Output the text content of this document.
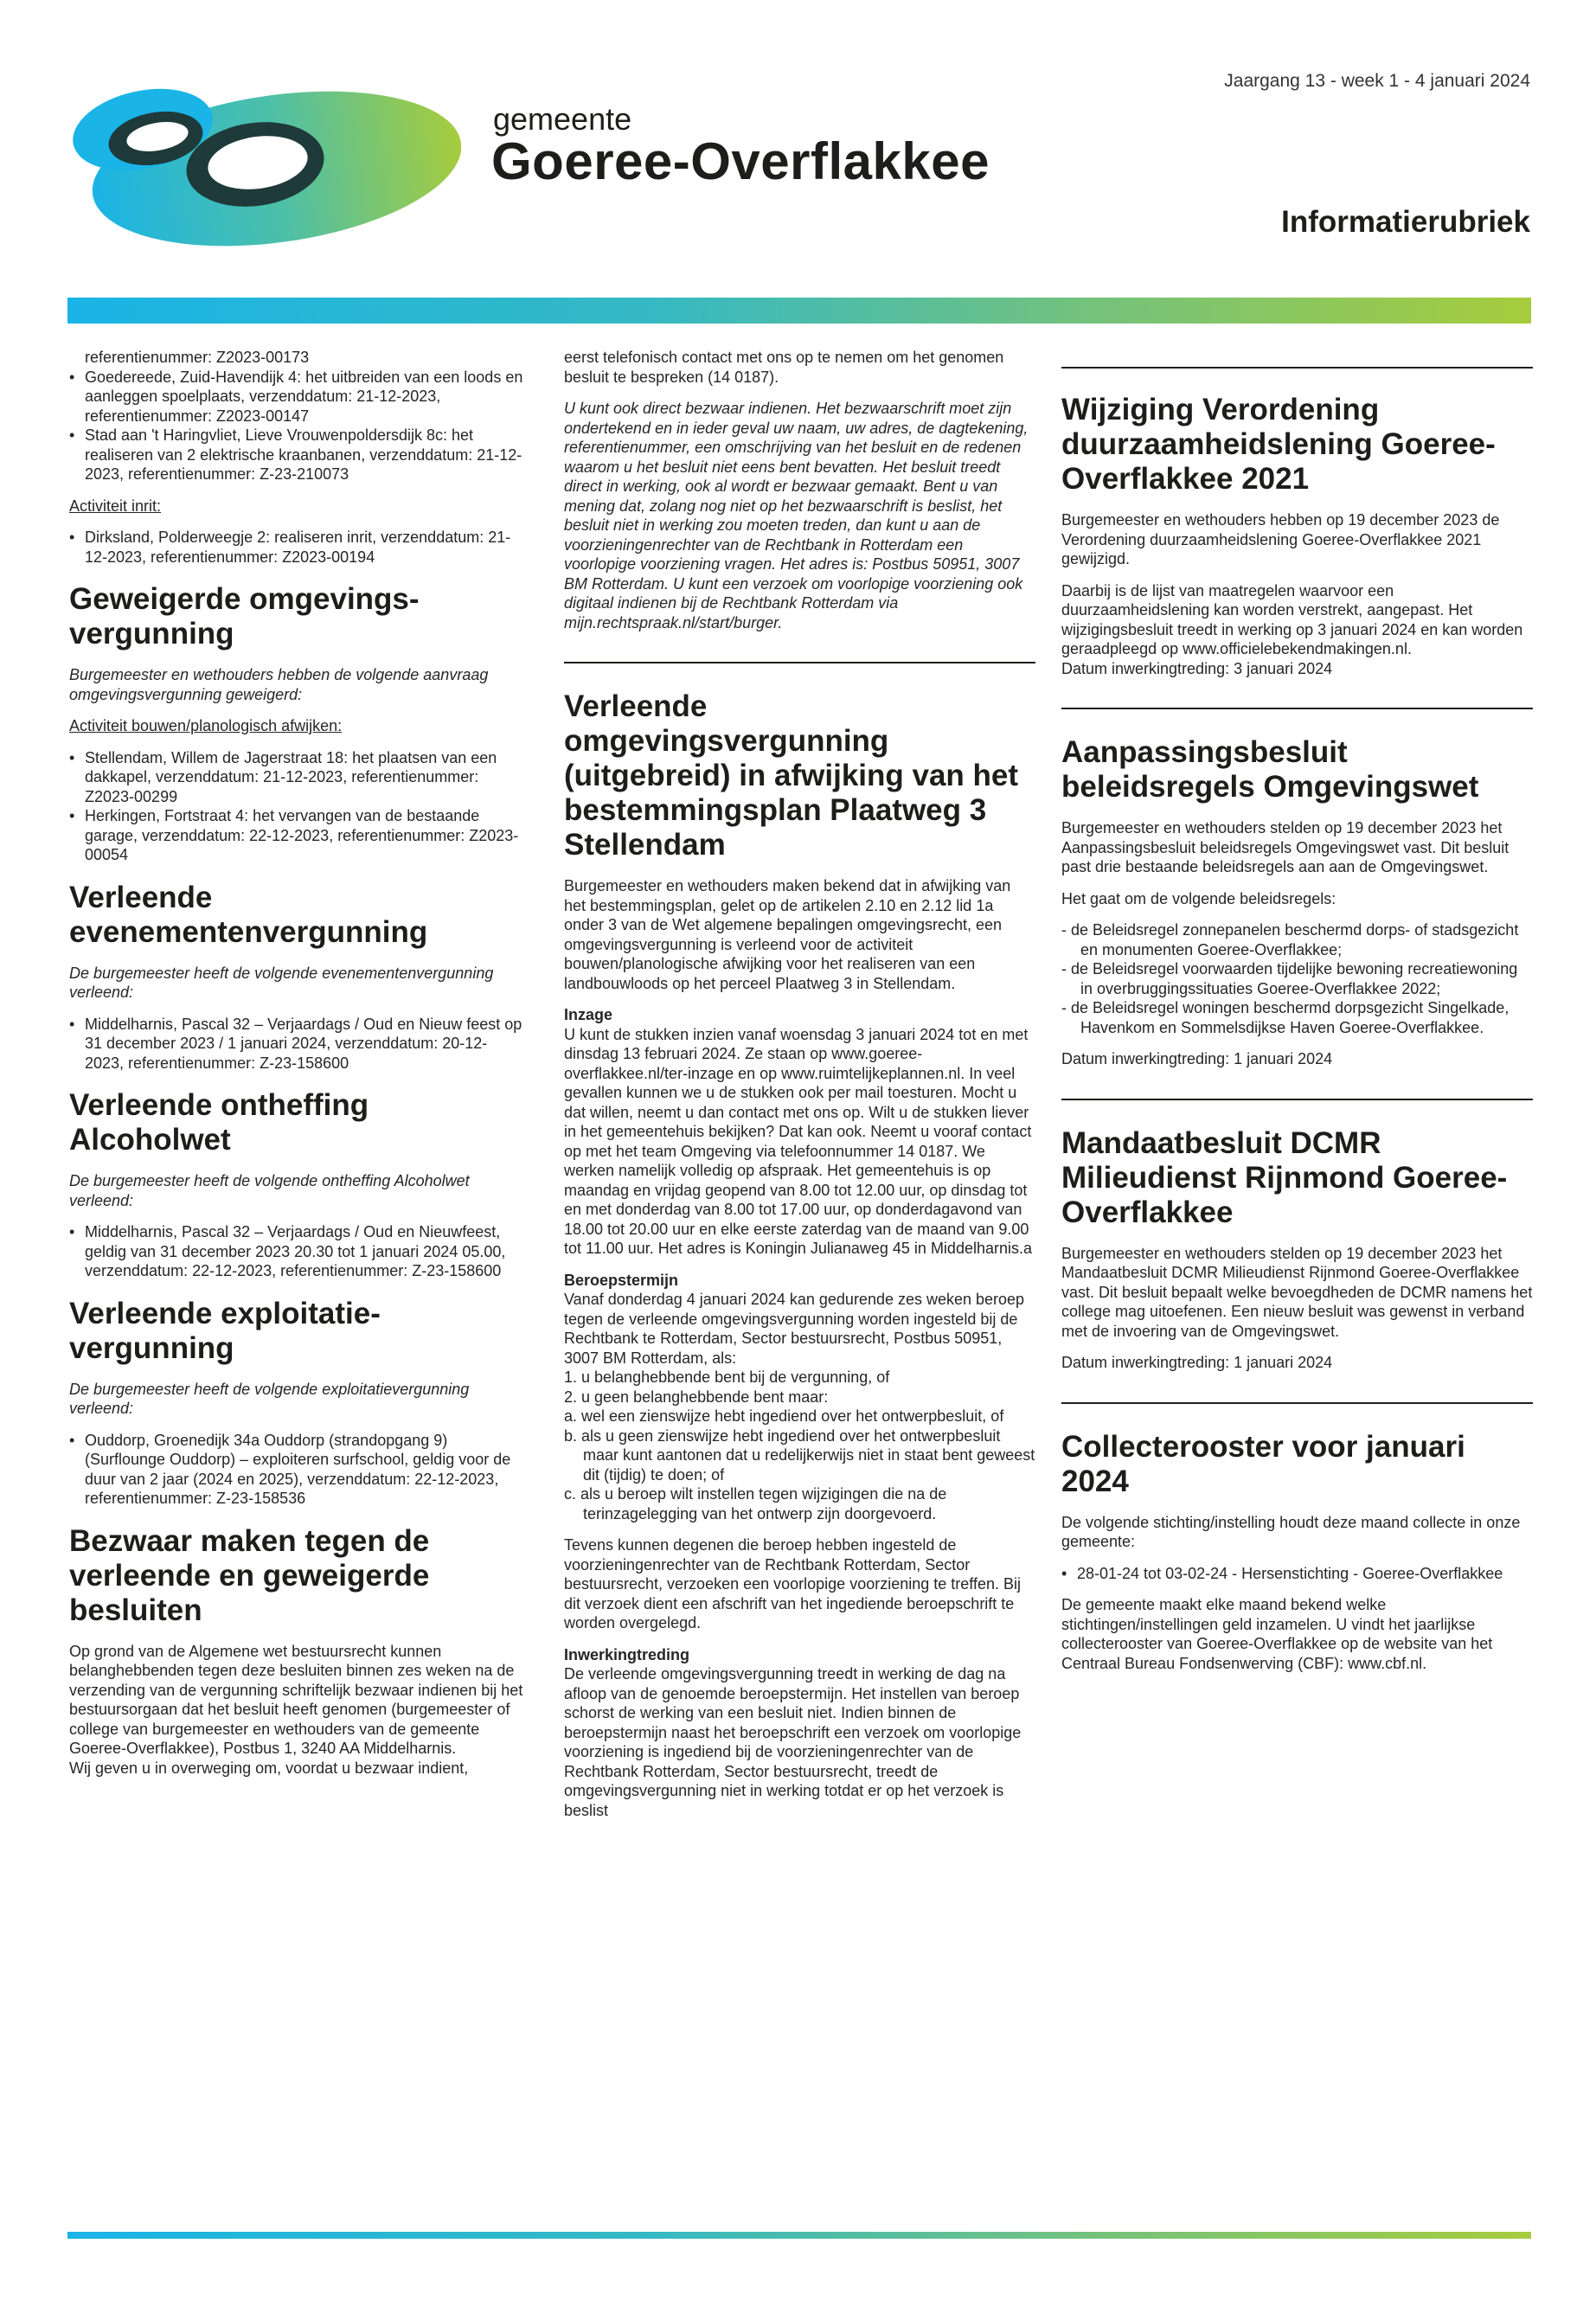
Jaargang 13 - week 1 - 4 januari 2024
gemeente
Goeree-Overflakkee
Informatierubriek
referentienummer: Z2023-00173
• Goedereede, Zuid-Havendijk 4: het uitbreiden van een loods en aanleggen spoelplaats, verzenddatum: 21-12-2023, referentienummer: Z2023-00147
• Stad aan 't Haringvliet, Lieve Vrouwenpoldersdijk 8c: het realiseren van 2 elektrische kraanbanen, verzenddatum: 21-12-2023, referentienummer: Z-23-210073

Activiteit inrit:

• Dirksland, Polderweegje 2: realiseren inrit, verzenddatum: 21-12-2023, referentienummer: Z2023-00194
Geweigerde omgevings-vergunning

Burgemeester en wethouders hebben de volgende aanvraag omgevingsvergunning geweigerd:

Activiteit bouwen/planologisch afwijken:

• Stellendam, Willem de Jagerstraat 18: het plaatsen van een dakkapel, verzenddatum: 21-12-2023, referentienummer: Z2023-00299
• Herkingen, Fortstraat 4: het vervangen van de bestaande garage, verzenddatum: 22-12-2023, referentienummer: Z2023-00054
Verleende evenementenvergunning

De burgemeester heeft de volgende evenementenvergunning verleend:

• Middelharnis, Pascal 32 – Verjaardags / Oud en Nieuw feest op 31 december 2023 / 1 januari 2024, verzenddatum: 20-12-2023, referentienummer: Z-23-158600
Verleende ontheffing Alcoholwet

De burgemeester heeft de volgende ontheffing Alcoholwet verleend:

• Middelharnis, Pascal 32 – Verjaardags / Oud en Nieuwfeest, geldig van 31 december 2023 20.30 tot 1 januari 2024 05.00, verzenddatum: 22-12-2023, referentienummer: Z-23-158600
Verleende exploitatie-vergunning

De burgemeester heeft de volgende exploitatievergunning verleend:

• Ouddorp, Groenedijk 34a Ouddorp (strandopgang 9) (Surflounge Ouddorp) – exploiteren surfschool, geldig voor de duur van 2 jaar (2024 en 2025), verzenddatum: 22-12-2023, referentienummer: Z-23-158536
Bezwaar maken tegen de verleende en geweigerde besluiten

Op grond van de Algemene wet bestuursrecht kunnen belanghebbenden tegen deze besluiten binnen zes weken na de verzending van de vergunning schriftelijk bezwaar indienen bij het bestuursorgaan dat het besluit heeft genomen (burgemeester of college van burgemeester en wethouders van de gemeente Goeree-Overflakkee), Postbus 1, 3240 AA Middelharnis.

Wij geven u in overweging om, voordat u bezwaar indient,

eerst telefonisch contact met ons op te nemen om het genomen besluit te bespreken (14 0187).

U kunt ook direct bezwaar indienen. Het bezwaarschrift moet zijn ondertekend en in ieder geval uw naam, uw adres, de dagtekening, referentienummer, een omschrijving van het besluit en de redenen waarom u het besluit niet eens bent bevatten. Het besluit treedt direct in werking, ook al wordt er bezwaar gemaakt. Bent u van mening dat, zolang nog niet op het bezwaarschrift is beslist, het besluit niet in werking zou moeten treden, dan kunt u aan de voorzieningenrechter van de Rechtbank in Rotterdam een voorlopige voorziening vragen. Het adres is: Postbus 50951, 3007 BM Rotterdam. U kunt een verzoek om voorlopige voorziening ook digitaal indienen bij de Rechtbank Rotterdam via mijn.rechtspraak.nl/start/burger.

Verleende omgevingsvergunning (uitgebreid) in afwijking van het bestemmingsplan Plaatweg 3 Stellendam

Burgemeester en wethouders maken bekend dat in afwijking van het bestemmingsplan, gelet op de artikelen 2.10 en 2.12 lid 1a onder 3 van de Wet algemene bepalingen omgevingsrecht, een omgevingsvergunning is verleend voor de activiteit bouwen/planologische afwijking voor het realiseren van een landbouwloods op het perceel Plaatweg 3 in Stellendam.

Inzage

U kunt de stukken inzien vanaf woensdag 3 januari 2024 tot en met dinsdag 13 februari 2024. Ze staan op www.goeree-overflakkee.nl/ter-inzage en op www.ruimtelijkeplannen.nl. In veel gevallen kunnen we u de stukken ook per mail toesturen. Mocht u dat willen, neemt u dan contact met ons op. Wilt u de stukken liever in het gemeentehuis bekijken? Dat kan ook. Neemt u vooraf contact op met het team Omgeving via telefoonnummer 14 0187. We werken namelijk volledig op afspraak. Het gemeentehuis is op maandag en vrijdag geopend van 8.00 tot 12.00 uur, op dinsdag tot en met donderdag van 8.00 tot 17.00 uur, op donderdagavond van 18.00 tot 20.00 uur en elke eerste zaterdag van de maand van 9.00 tot 11.00 uur. Het adres is Koningin Julianaweg 45 in Middelharnis.a

Beroepstermijn

Vanaf donderdag 4 januari 2024 kan gedurende zes weken beroep tegen de verleende omgevingsvergunning worden ingesteld bij de Rechtbank te Rotterdam, Sector bestuursrecht, Postbus 50951, 3007 BM Rotterdam, als:

1. u belanghebbende bent bij de vergunning, of
2. u geen belanghebbende bent maar:
a. wel een zienswijze hebt ingediend over het ontwerpbesluit, of
b. als u geen zienswijze hebt ingediend over het ontwerpbesluit maar kunt aantonen dat u redelijkerwijs niet in staat bent geweest dit (tijdig) te doen; of
c. als u beroep wilt instellen tegen wijzigingen die na de terinzagelegging van het ontwerp zijn doorgevoerd.

Tevens kunnen degenen die beroep hebben ingesteld de voorzieningenrechter van de Rechtbank Rotterdam, Sector bestuursrecht, verzoeken een voorlopige voorziening te treffen. Bij dit verzoek dient een afschrift van het ingediende beroepschrift te worden overgelegd.

Inwerkingtreding

De verleende omgevingsvergunning treedt in werking de dag na afloop van de genoemde beroepstermijn. Het instellen van beroep schorst de werking van een besluit niet. Indien binnen de beroepstermijn naast het beroepschrift een verzoek om voorlopige voorziening is ingediend bij de voorzieningenrechter van de Rechtbank Rotterdam, Sector bestuursrecht, treedt de omgevingsvergunning niet in werking totdat er op het verzoek is beslist

Wijziging Verordening duurzaamheidslening Goeree-Overflakkee 2021

Burgemeester en wethouders hebben op 19 december 2023 de Verordening duurzaamheidslening Goeree-Overflakkee 2021 gewijzigd.

Daarbij is de lijst van maatregelen waarvoor een duurzaamheidslening kan worden verstrekt, aangepast. Het wijzigingsbesluit treedt in werking op 3 januari 2024 en kan worden geraadpleegd op www.officielebekendmakingen.nl.

Datum inwerkingtreding: 3 januari 2024

Aanpassingsbesluit beleidsregels Omgevingswet

Burgemeester en wethouders stelden op 19 december 2023 het Aanpassingsbesluit beleidsregels Omgevingswet vast. Dit besluit past drie bestaande beleidsregels aan aan de Omgevingswet.

Het gaat om de volgende beleidsregels:

- de Beleidsregel zonnepanelen beschermd dorps- of stadsgezicht en monumenten Goeree-Overflakkee;
- de Beleidsregel voorwaarden tijdelijke bewoning recreatiewoning in overbruggingssituaties Goeree-Overflakkee 2022;
- de Beleidsregel woningen beschermd dorpsgezicht Singelkade, Havenkom en Sommelsdijkse Haven Goeree-Overflakkee.

Datum inwerkingtreding: 1 januari 2024

Mandaatbesluit DCMR Milieudienst Rijnmond Goeree-Overflakkee

Burgemeester en wethouders stelden op 19 december 2023 het Mandaatbesluit DCMR Milieudienst Rijnmond Goeree-Overflakkee vast. Dit besluit bepaalt welke bevoegdheden de DCMR namens het college mag uitoefenen. Een nieuw besluit was gewenst in verband met de invoering van de Omgevingswet.

Datum inwerkingtreding: 1 januari 2024

Collecterooster voor januari 2024

De volgende stichting/instelling houdt deze maand collecte in onze gemeente:

• 28-01-24 tot 03-02-24 - Hersenstichting - Goeree-Overflakkee

De gemeente maakt elke maand bekend welke stichtingen/instellingen geld inzamelen. U vindt het jaarlijkse collecterooster van Goeree-Overflakkee op de website van het Centraal Bureau Fondsenwerving (CBF): www.cbf.nl.
